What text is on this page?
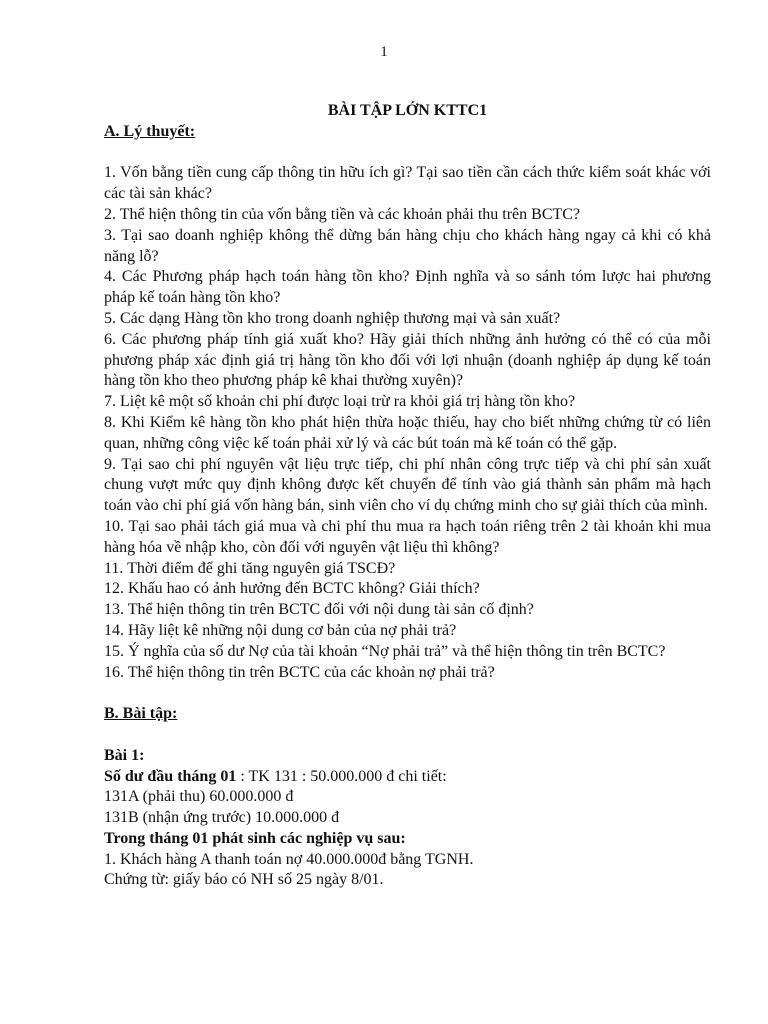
1

BÀI TẬP LỚN KTTC1

A. Lý thuyết:

1. Vốn bằng tiền cung cấp thông tin hữu ích gì? Tại sao tiền cần cách thức kiểm soát khác với các tài sản khác?

2. Thể hiện thông tin của vốn bằng tiền và các khoản phải thu trên BCTC?

3. Tại sao doanh nghiệp không thể dừng bán hàng chịu cho khách hàng ngay cả khi có khả năng lỗ?

4. Các Phương pháp hạch toán hàng tồn kho? Định nghĩa và so sánh tóm lược hai phương pháp kế toán hàng tồn kho?

5. Các dạng Hàng tồn kho trong doanh nghiệp thương mại và sản xuất?

6. Các phương pháp tính giá xuất kho? Hãy giải thích những ảnh hưởng có thể có của mỗi phương pháp xác định giá trị hàng tồn kho đối với lợi nhuận (doanh nghiệp áp dụng kế toán hàng tồn kho theo phương pháp kê khai thường xuyên)?

7. Liệt kê một số khoản chi phí được loại trừ ra khỏi giá trị hàng tồn kho?

8. Khi Kiểm kê hàng tồn kho phát hiện thừa hoặc thiếu, hay cho biết những chứng từ có liên quan, những công việc kế toán phải xử lý và các bút toán mà kế toán có thể gặp.

9. Tại sao chi phí nguyên vật liệu trực tiếp, chi phí nhân công trực tiếp và chi phí sản xuất chung vượt mức quy định không được kết chuyển để tính vào giá thành sản phẩm mà hạch toán vào chi phí giá vốn hàng bán, sinh viên cho ví dụ chứng minh cho sự giải thích của mình.

10. Tại sao phải tách giá mua và chi phí thu mua ra hạch toán riêng trên 2 tài khoản khi mua hàng hóa về nhập kho, còn đối với nguyên vật liệu thì không?

11. Thời điểm để ghi tăng nguyên giá TSCĐ?

12. Khấu hao có ảnh hưởng đến BCTC không? Giải thích?

13. Thể hiện thông tin trên BCTC đối với nội dung tài sản cố định?

14. Hãy liệt kê những nội dung cơ bản của nợ phải trả?

15. Ý nghĩa của số dư Nợ của tài khoản “Nợ phải trả” và thể hiện thông tin trên BCTC?

16. Thể hiện thông tin trên BCTC của các khoản nợ phải trả?

B. Bài tập:

Bài 1:

Số dư đầu tháng 01 : TK 131 : 50.000.000 đ chi tiết:

131A (phải thu) 60.000.000 đ

131B (nhận ứng trước) 10.000.000 đ

Trong tháng 01 phát sinh các nghiệp vụ sau:

1. Khách hàng A thanh toán nợ 40.000.000đ bằng TGNH.

Chứng từ: giấy báo có NH số 25 ngày 8/01.
